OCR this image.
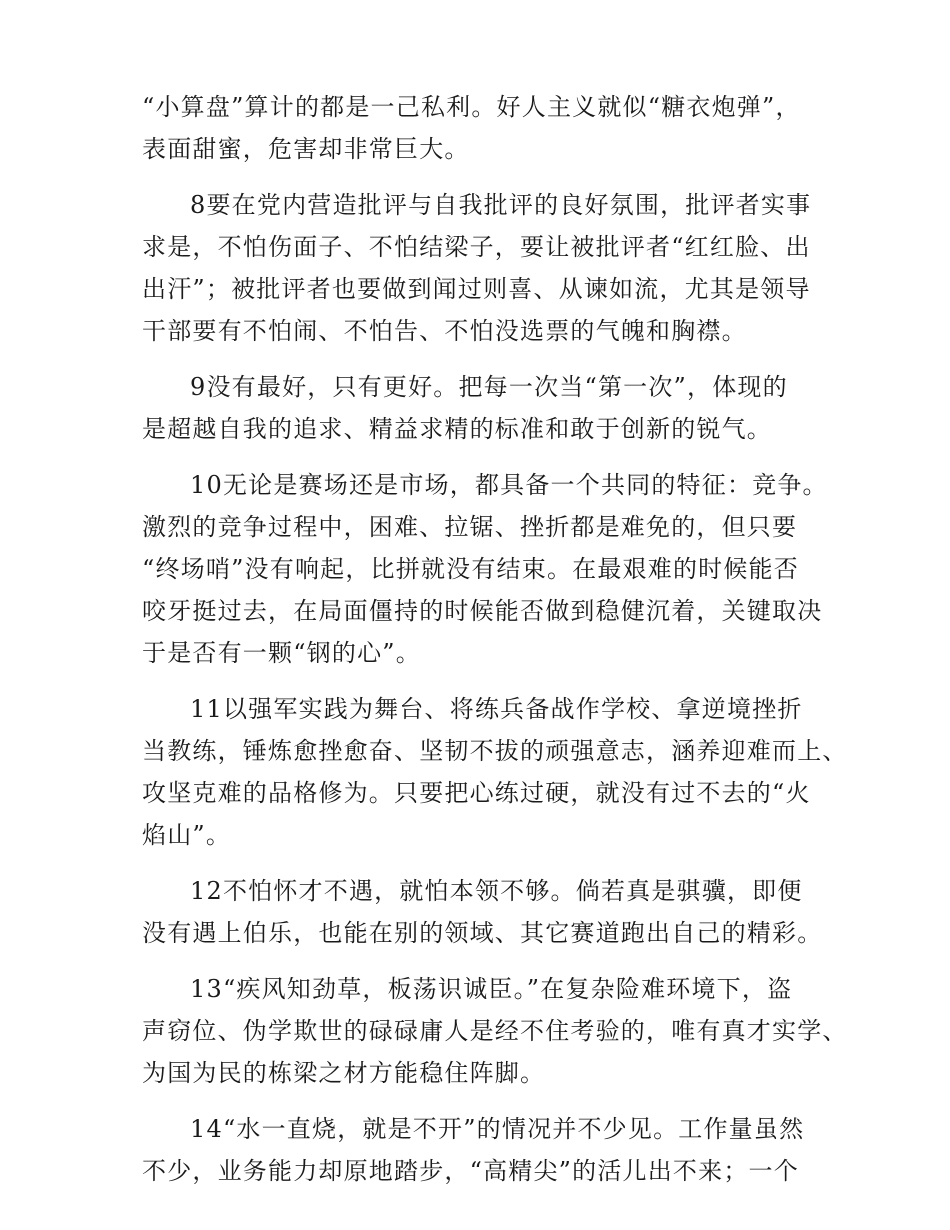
“小算盘”算计的都是一己私利。好人主义就似“糖衣炮弹”，
表面甜蜜，危害却非常巨大。
8要在党内营造批评与自我批评的良好氛围，批评者实事
求是，不怕伤面子、不怕结梁子，要让被批评者“红红脸、出
出汗”；被批评者也要做到闻过则喜、从谏如流，尤其是领导
干部要有不怕闹、不怕告、不怕没选票的气魄和胸襟。
9没有最好，只有更好。把每一次当“第一次”，体现的
是超越自我的追求、精益求精的标准和敢于创新的锐气。
10无论是赛场还是市场，都具备一个共同的特征：竞争。
激烈的竞争过程中，困难、拉锯、挫折都是难免的，但只要
“终场哨”没有响起，比拼就没有结束。在最艰难的时候能否
咬牙挺过去，在局面僵持的时候能否做到稳健沉着，关键取决
于是否有一颗“钢的心”。
11以强军实践为舞台、将练兵备战作学校、拿逆境挫折
当教练，锤炼愈挫愈奋、坚韧不拔的顽强意志，涵养迎难而上、
攻坚克难的品格修为。只要把心练过硬，就没有过不去的“火
焰山”。
12不怕怀才不遇，就怕本领不够。倘若真是骐骥，即便
没有遇上伯乐，也能在别的领域、其它赛道跑出自己的精彩。
13“疾风知劲草，板荡识诚臣。”在复杂险难环境下，盗
声窃位、伪学欺世的碌碌庸人是经不住考验的，唯有真才实学、
为国为民的栋梁之材方能稳住阵脚。
14“水一直烧，就是不开”的情况并不少见。工作量虽然
不少，业务能力却原地踏步，“高精尖”的活儿出不来；一个
